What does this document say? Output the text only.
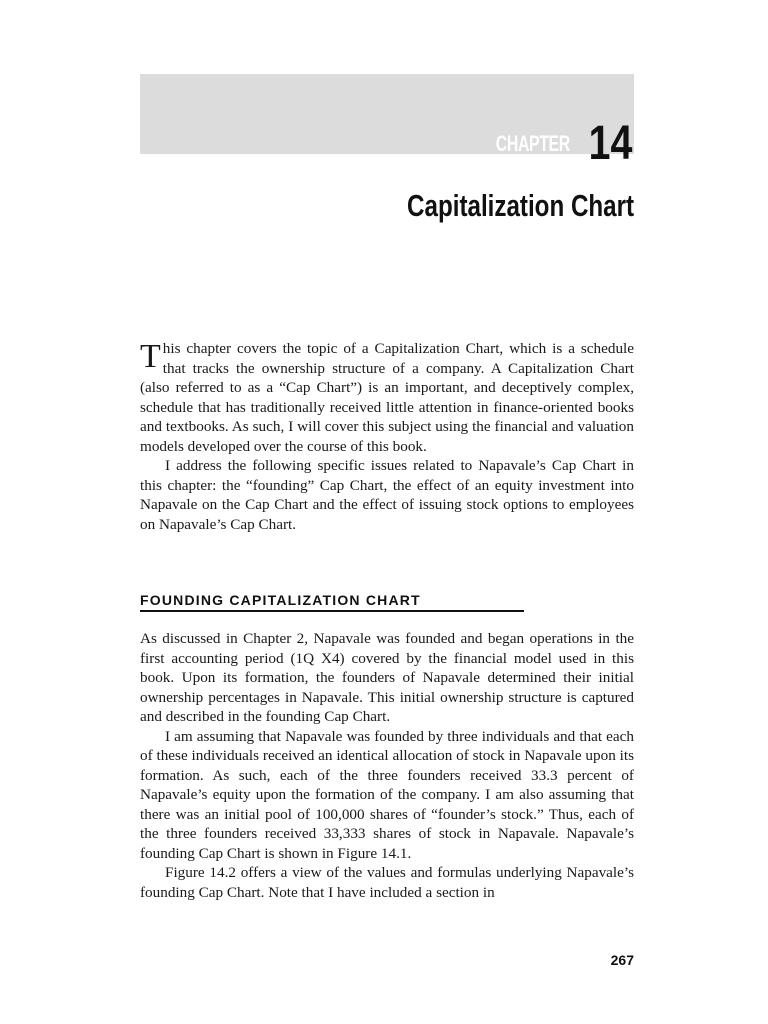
CHAPTER 14
Capitalization Chart

This chapter covers the topic of a Capitalization Chart, which is a schedule that tracks the ownership structure of a company. A Capitalization Chart (also referred to as a “Cap Chart”) is an important, and deceptively complex, schedule that has traditionally received little attention in finance-oriented books and textbooks. As such, I will cover this subject using the financial and valuation models developed over the course of this book.

I address the following specific issues related to Napavale’s Cap Chart in this chapter: the “founding” Cap Chart, the effect of an equity investment into Napavale on the Cap Chart and the effect of issuing stock options to employees on Napavale’s Cap Chart.

FOUNDING CAPITALIZATION CHART

As discussed in Chapter 2, Napavale was founded and began operations in the first accounting period (1Q X4) covered by the financial model used in this book. Upon its formation, the founders of Napavale determined their initial ownership percentages in Napavale. This initial ownership structure is captured and described in the founding Cap Chart.

I am assuming that Napavale was founded by three individuals and that each of these individuals received an identical allocation of stock in Napavale upon its formation. As such, each of the three founders received 33.3 percent of Napavale’s equity upon the formation of the company. I am also assuming that there was an initial pool of 100,000 shares of “founder’s stock.” Thus, each of the three founders received 33,333 shares of stock in Napavale. Napavale’s founding Cap Chart is shown in Figure 14.1.

Figure 14.2 offers a view of the values and formulas underlying Napavale’s founding Cap Chart. Note that I have included a section in

267
